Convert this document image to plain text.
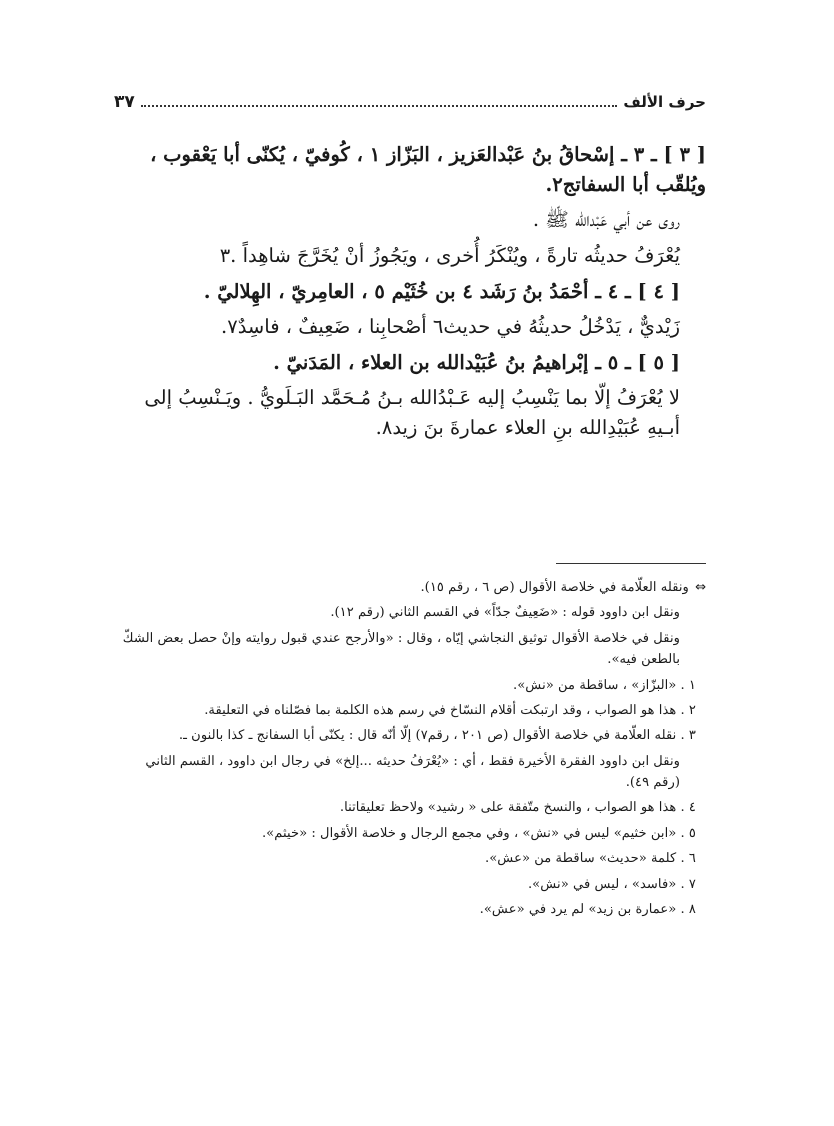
حرف الألف
٣٧

[ ٣ ] ـ ٣ ـ إسْحاقُ بنُ عَبْدالعَزيز ، البَزّاز ١ ، كُوفيّ ، يُكنّى أبا يَعْقوب ، ويُلقّب أبا السفاتج٢.

روى عن أبي عَبْدالله ﷺ .

يُعْرَفُ حديثُه تارةً ، ويُنْكَرُ أُخرى ، ويَجُوزُ أنْ يُخَرَّجَ شاهِداً .٣

[ ٤ ] ـ ٤ ـ أحْمَدُ بنُ رَشَد ٤ بن خُثَيْم ٥ ، العامِريّ ، الهِلاليّ .

زَيْديٌّ ، يَدْخُلُ حديثُهُ في حديث٦ أصْحابِنا ، ضَعِيفٌ ، فاسِدٌ٧.

[ ٥ ] ـ ٥ ـ إبْراهيمُ بنُ عُبَيْدالله بن العلاء ، المَدَنيّ .

لا يُعْرَفُ إلّا بما يَنْسِبُ إليه عَـبْدُالله بـنُ مُـحَمَّد البَـلَويُّ . ويَـنْسِبُ إلى أبـيهِ عُبَيْدِالله بنِ العلاء عمارةَ بنَ زيد٨.

⇔ونقله العلّامة في خلاصة الأقوال (ص ٦ ، رقم ١٥).

ونقل ابن داوود قوله : «ضَعِيفٌ جدّاً» في القسم الثاني (رقم ١٢).

ونقل في خلاصة الأقوال توثيق النجاشي إيّاه ، وقال : «والأرجح عندي قبول روايته وإنْ حصل بعض الشكّ بالطعن فيه».

١ . «البزّاز» ، ساقطة من «نش».

٢ . هذا هو الصواب ، وقد ارتبكت أقلام النسّاخ في رسم هذه الكلمة بما فصّلناه في التعليقة.

٣ . نقله العلّامة في خلاصة الأقوال (ص ٢٠١ ، رقم٧) إلّا أنّه قال : يكنّى أبا السفانج ـ كذا بالنون ـ.

ونقل ابن داوود الفقرة الأخيرة فقط ، أي : «يُعْرَفُ حديثه ...إلخ» في رجال ابن داوود ، القسم الثاني (رقم ٤٩).

٤ . هذا هو الصواب ، والنسخ متّفقة على « رشيد» ولاحظ تعليقاتنا.

٥ . «ابن خثيم» ليس في «نش» ، وفي مجمع الرجال و خلاصة الأقوال : «خيثم».

٦ . كلمة «حديث» ساقطة من «عش».

٧ . «فاسد» ، ليس في «نش».

٨ . «عمارة بن زيد» لم يرد في «عش».
